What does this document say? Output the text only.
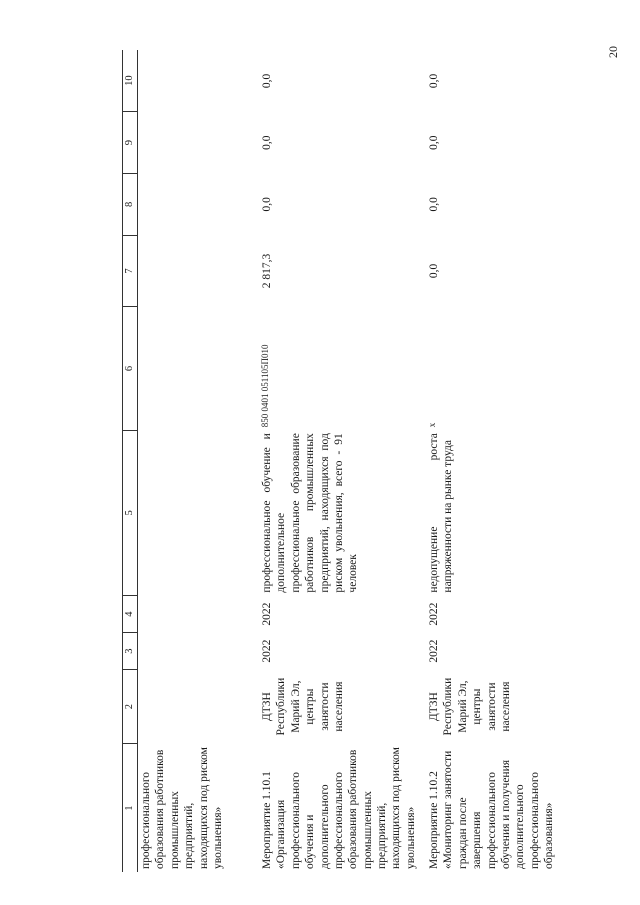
20
1	2	3	4	5	6	7	8	9	10
профессионального образования работников промышленных предприятий, находящихся под риском увольнения»									
Мероприятие 1.10.1 «Организация профессионального обучения и дополнительного профессионального образования работников промышленных предприятий, находящихся под риском увольнения»	ДТЗН Республики Марий Эл, центры занятости населения	2022	2022	профессиональное обучение и дополнительное профессиональное образование работников промышленных предприятий, находящихся под риском увольнения, всего - 91 человек	850 0401 051105П010	2 817,3	0,0	0,0	0,0
Мероприятие 1.10.2 «Мониторинг занятости граждан после завершения профессионального обучения и получения дополнительного профессионального образования»	ДТЗН Республики Марий Эл, центры занятости населения	2022	2022	недопущение роста напряженности на рынке труда	x	0,0	0,0	0,0	0,0
